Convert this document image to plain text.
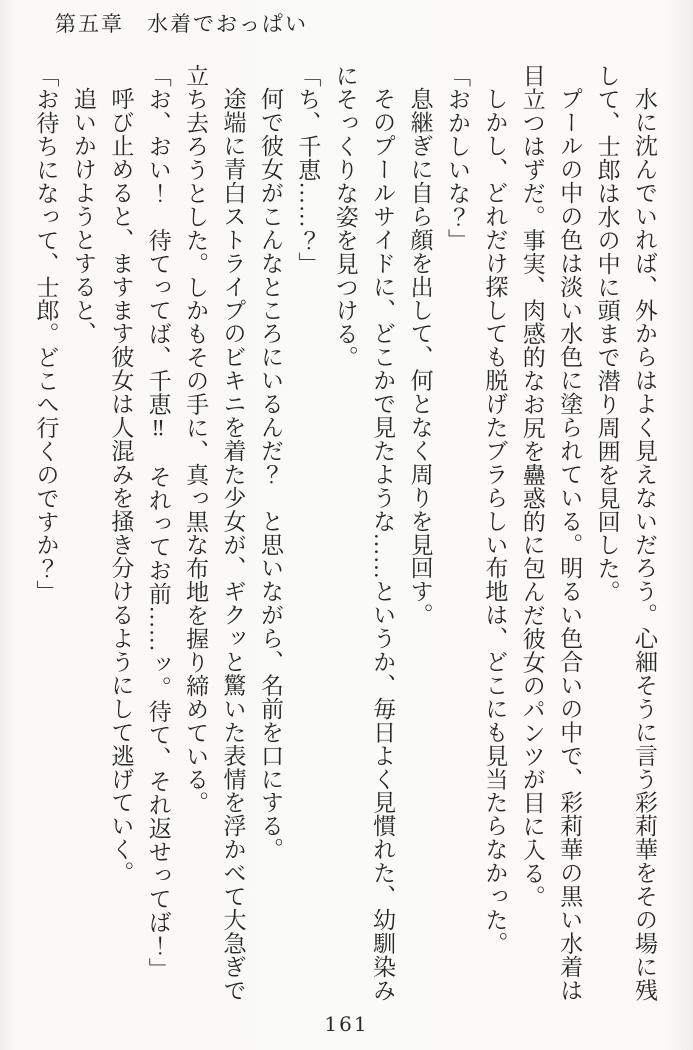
第五章　水着でおっぱい

水に沈んでいれば、外からはよく見えないだろう。心細そうに言う彩莉華をその場に残して、士郎は水の中に頭まで潜り周囲を見回した。

プールの中の色は淡い水色に塗られている。明るい色合いの中で、彩莉華の黒い水着は目立つはずだ。事実、肉感的なお尻を蠱惑的に包んだ彼女のパンツが目に入る。

しかし、どれだけ探しても脱げたブラらしい布地は、どこにも見当たらなかった。

「おかしいな？」

息継ぎに自ら顔を出して、何となく周りを見回す。

そのプールサイドに、どこかで見たような……というか、毎日よく見慣れた、幼馴染みにそっくりな姿を見つける。

「ち、千恵……？」

何で彼女がこんなところにいるんだ？　と思いながら、名前を口にする。

途端に青白ストライプのビキニを着た少女が、ギクッと驚いた表情を浮かべて大急ぎで立ち去ろうとした。しかもその手に、真っ黒な布地を握り締めている。

「お、おい！　待てってば、千恵‼　それってお前……ッ。待て、それ返せってば！」

呼び止めると、ますます彼女は人混みを掻き分けるようにして逃げていく。

追いかけようとすると、

「お待ちになって、士郎。どこへ行くのですか？」

161
